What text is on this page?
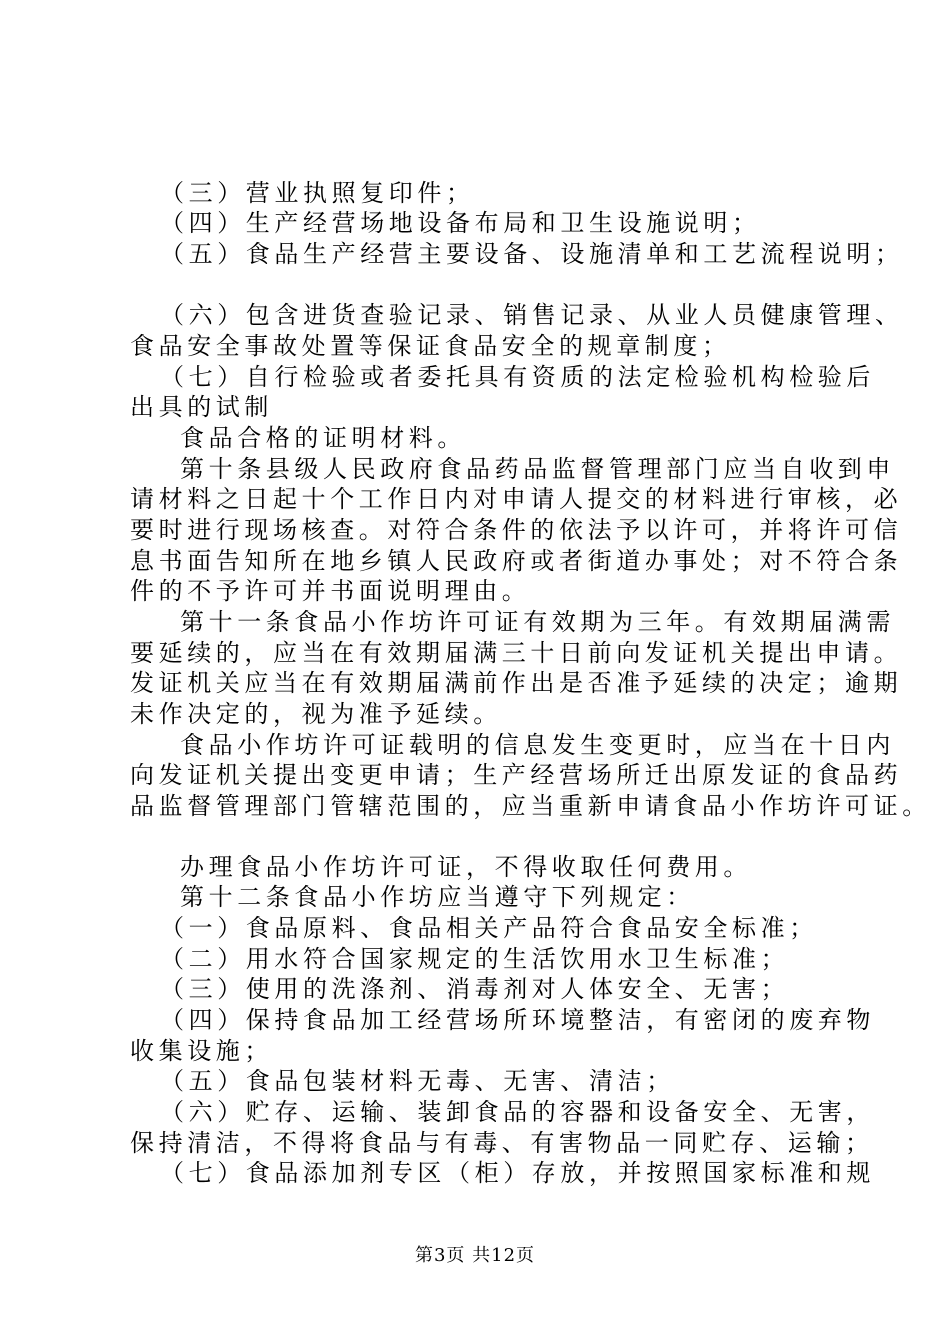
（三）营业执照复印件；
（四）生产经营场地设备布局和卫生设施说明；
（五）食品生产经营主要设备、设施清单和工艺流程说明；
（六）包含进货查验记录、销售记录、从业人员健康管理、
食品安全事故处置等保证食品安全的规章制度；
（七）自行检验或者委托具有资质的法定检验机构检验后
出具的试制
食品合格的证明材料。
第十条县级人民政府食品药品监督管理部门应当自收到申
请材料之日起十个工作日内对申请人提交的材料进行审核，必
要时进行现场核查。对符合条件的依法予以许可，并将许可信
息书面告知所在地乡镇人民政府或者街道办事处；对不符合条
件的不予许可并书面说明理由。
第十一条食品小作坊许可证有效期为三年。有效期届满需
要延续的，应当在有效期届满三十日前向发证机关提出申请。
发证机关应当在有效期届满前作出是否准予延续的决定；逾期
未作决定的，视为准予延续。
食品小作坊许可证载明的信息发生变更时，应当在十日内
向发证机关提出变更申请；生产经营场所迁出原发证的食品药
品监督管理部门管辖范围的，应当重新申请食品小作坊许可证。
办理食品小作坊许可证，不得收取任何费用。
第十二条食品小作坊应当遵守下列规定：
（一）食品原料、食品相关产品符合食品安全标准；
（二）用水符合国家规定的生活饮用水卫生标准；
（三）使用的洗涤剂、消毒剂对人体安全、无害；
（四）保持食品加工经营场所环境整洁，有密闭的废弃物
收集设施；
（五）食品包装材料无毒、无害、清洁；
（六）贮存、运输、装卸食品的容器和设备安全、无害，
保持清洁，不得将食品与有毒、有害物品一同贮存、运输；
（七）食品添加剂专区（柜）存放，并按照国家标准和规
第3页 共12页
